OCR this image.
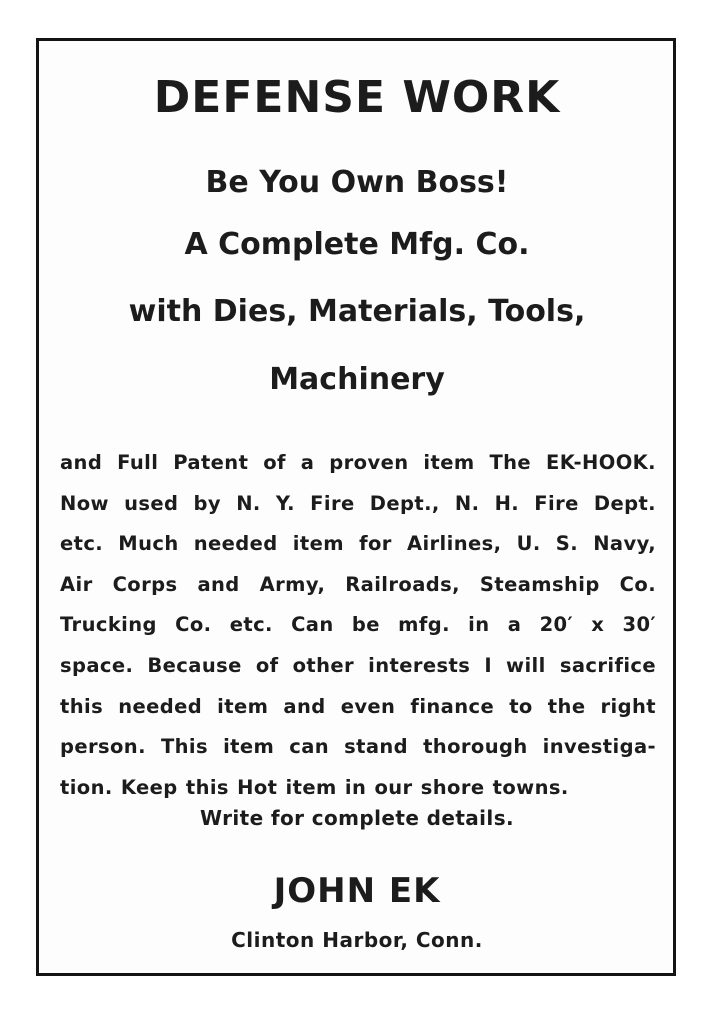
DEFENSE WORK
Be You Own Boss!
A Complete Mfg. Co.
with Dies, Materials, Tools,
Machinery
and Full Patent of a proven item The EK-HOOK.
Now used by N. Y. Fire Dept., N. H. Fire Dept.
etc. Much needed item for Airlines, U. S. Navy,
Air Corps and Army, Railroads, Steamship Co.
Trucking Co. etc. Can be mfg. in a 20′ x 30′
space. Because of other interests I will sacrifice
this needed item and even finance to the right
person. This item can stand thorough investiga-
tion. Keep this Hot item in our shore towns.

Write for complete details.

JOHN EK

Clinton Harbor, Conn.
